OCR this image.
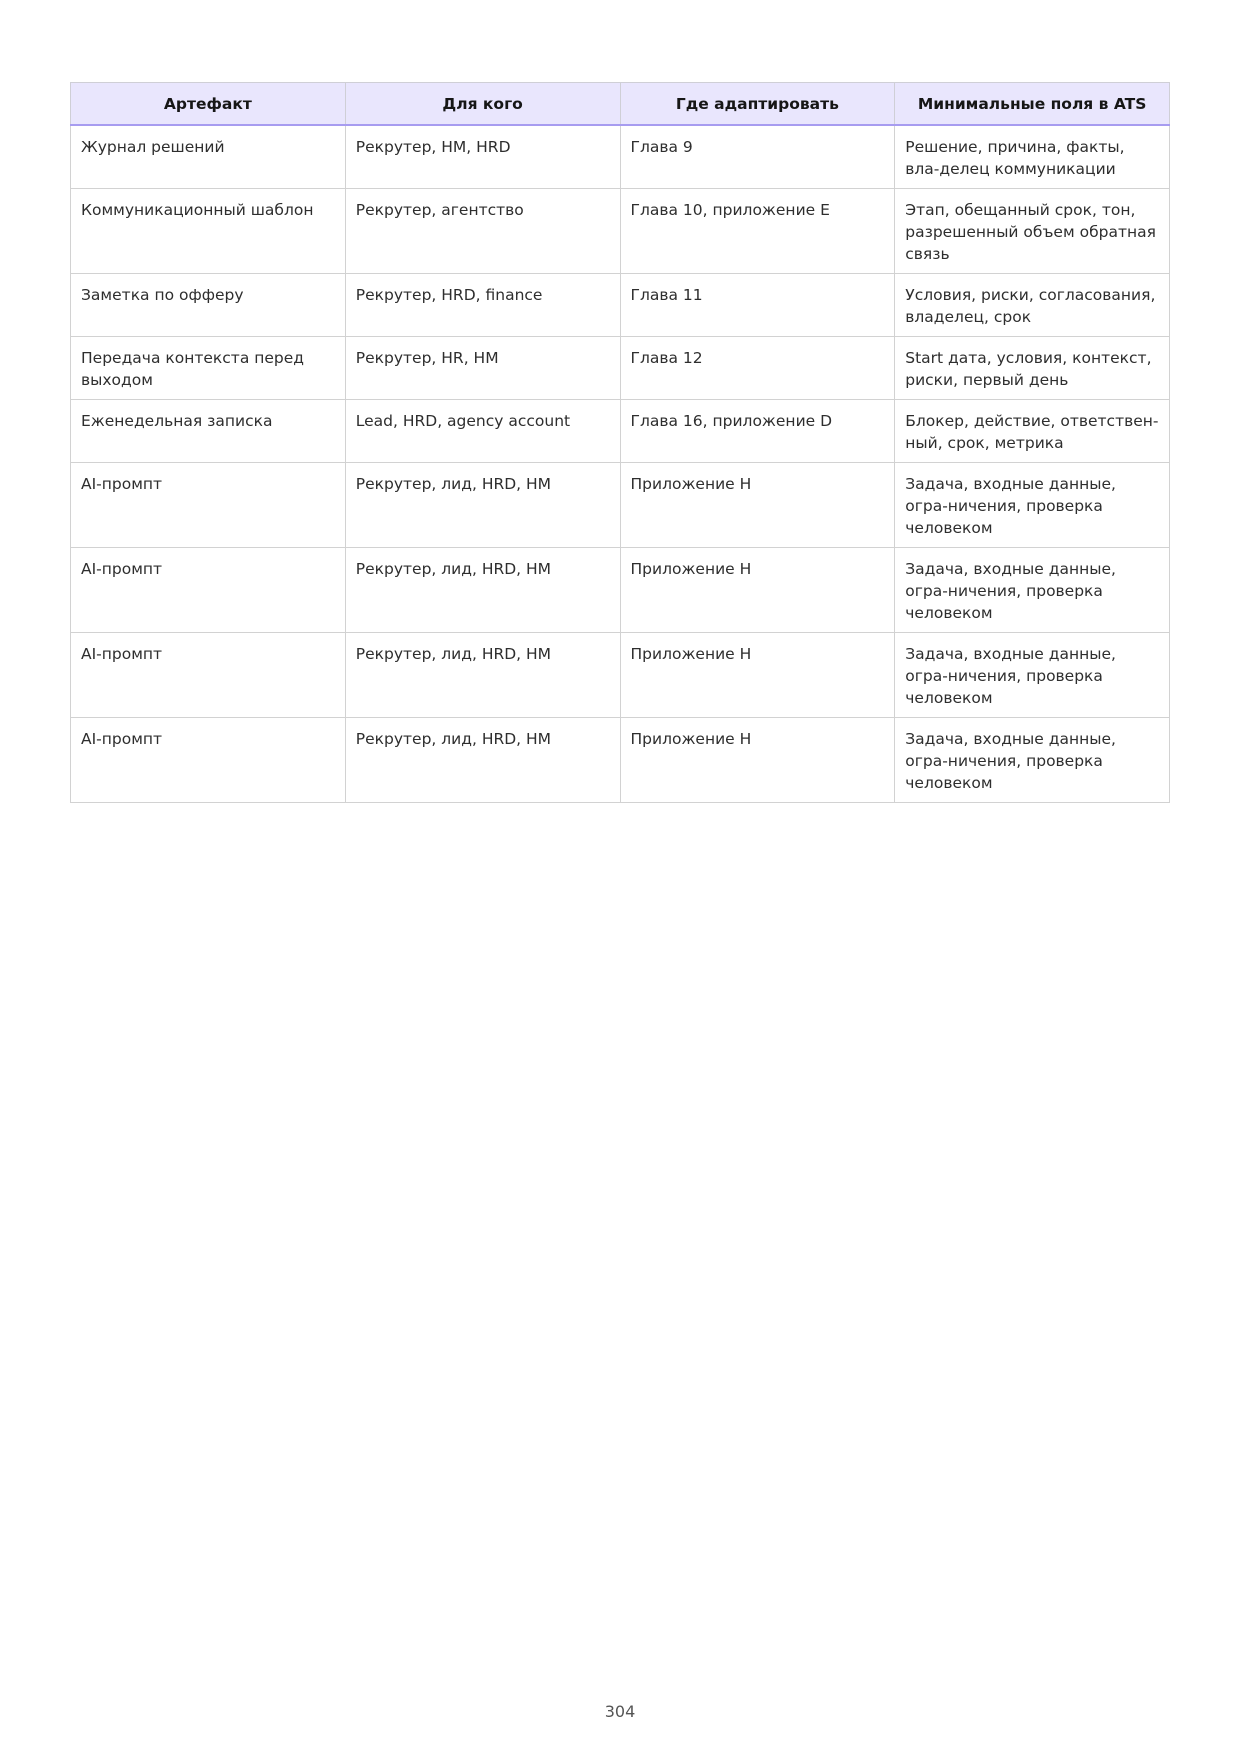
Артефакт	Для кого	Где адаптировать	Минимальные поля в ATS
Журнал решений	Рекрутер, HM, HRD	Глава 9	Решение, причина, факты, вла-делец коммуникации
Коммуникационный шаблон	Рекрутер, агентство	Глава 10, приложение E	Этап, обещанный срок, тон, разрешенный объем обратная связь
Заметка по офферу	Рекрутер, HRD, finance	Глава 11	Условия, риски, согласования, владелец, срок
Передача контекста перед выходом	Рекрутер, HR, HM	Глава 12	Start дата, условия, контекст, риски, первый день
Еженедельная записка	Lead, HRD, agency account	Глава 16, приложение D	Блокер, действие, ответствен-ный, срок, метрика
AI-промпт	Рекрутер, лид, HRD, HM	Приложение H	Задача, входные данные, огра-ничения, проверка человеком
AI-промпт	Рекрутер, лид, HRD, HM	Приложение H	Задача, входные данные, огра-ничения, проверка человеком
AI-промпт	Рекрутер, лид, HRD, HM	Приложение H	Задача, входные данные, огра-ничения, проверка человеком
AI-промпт	Рекрутер, лид, HRD, HM	Приложение H	Задача, входные данные, огра-ничения, проверка человеком
304
